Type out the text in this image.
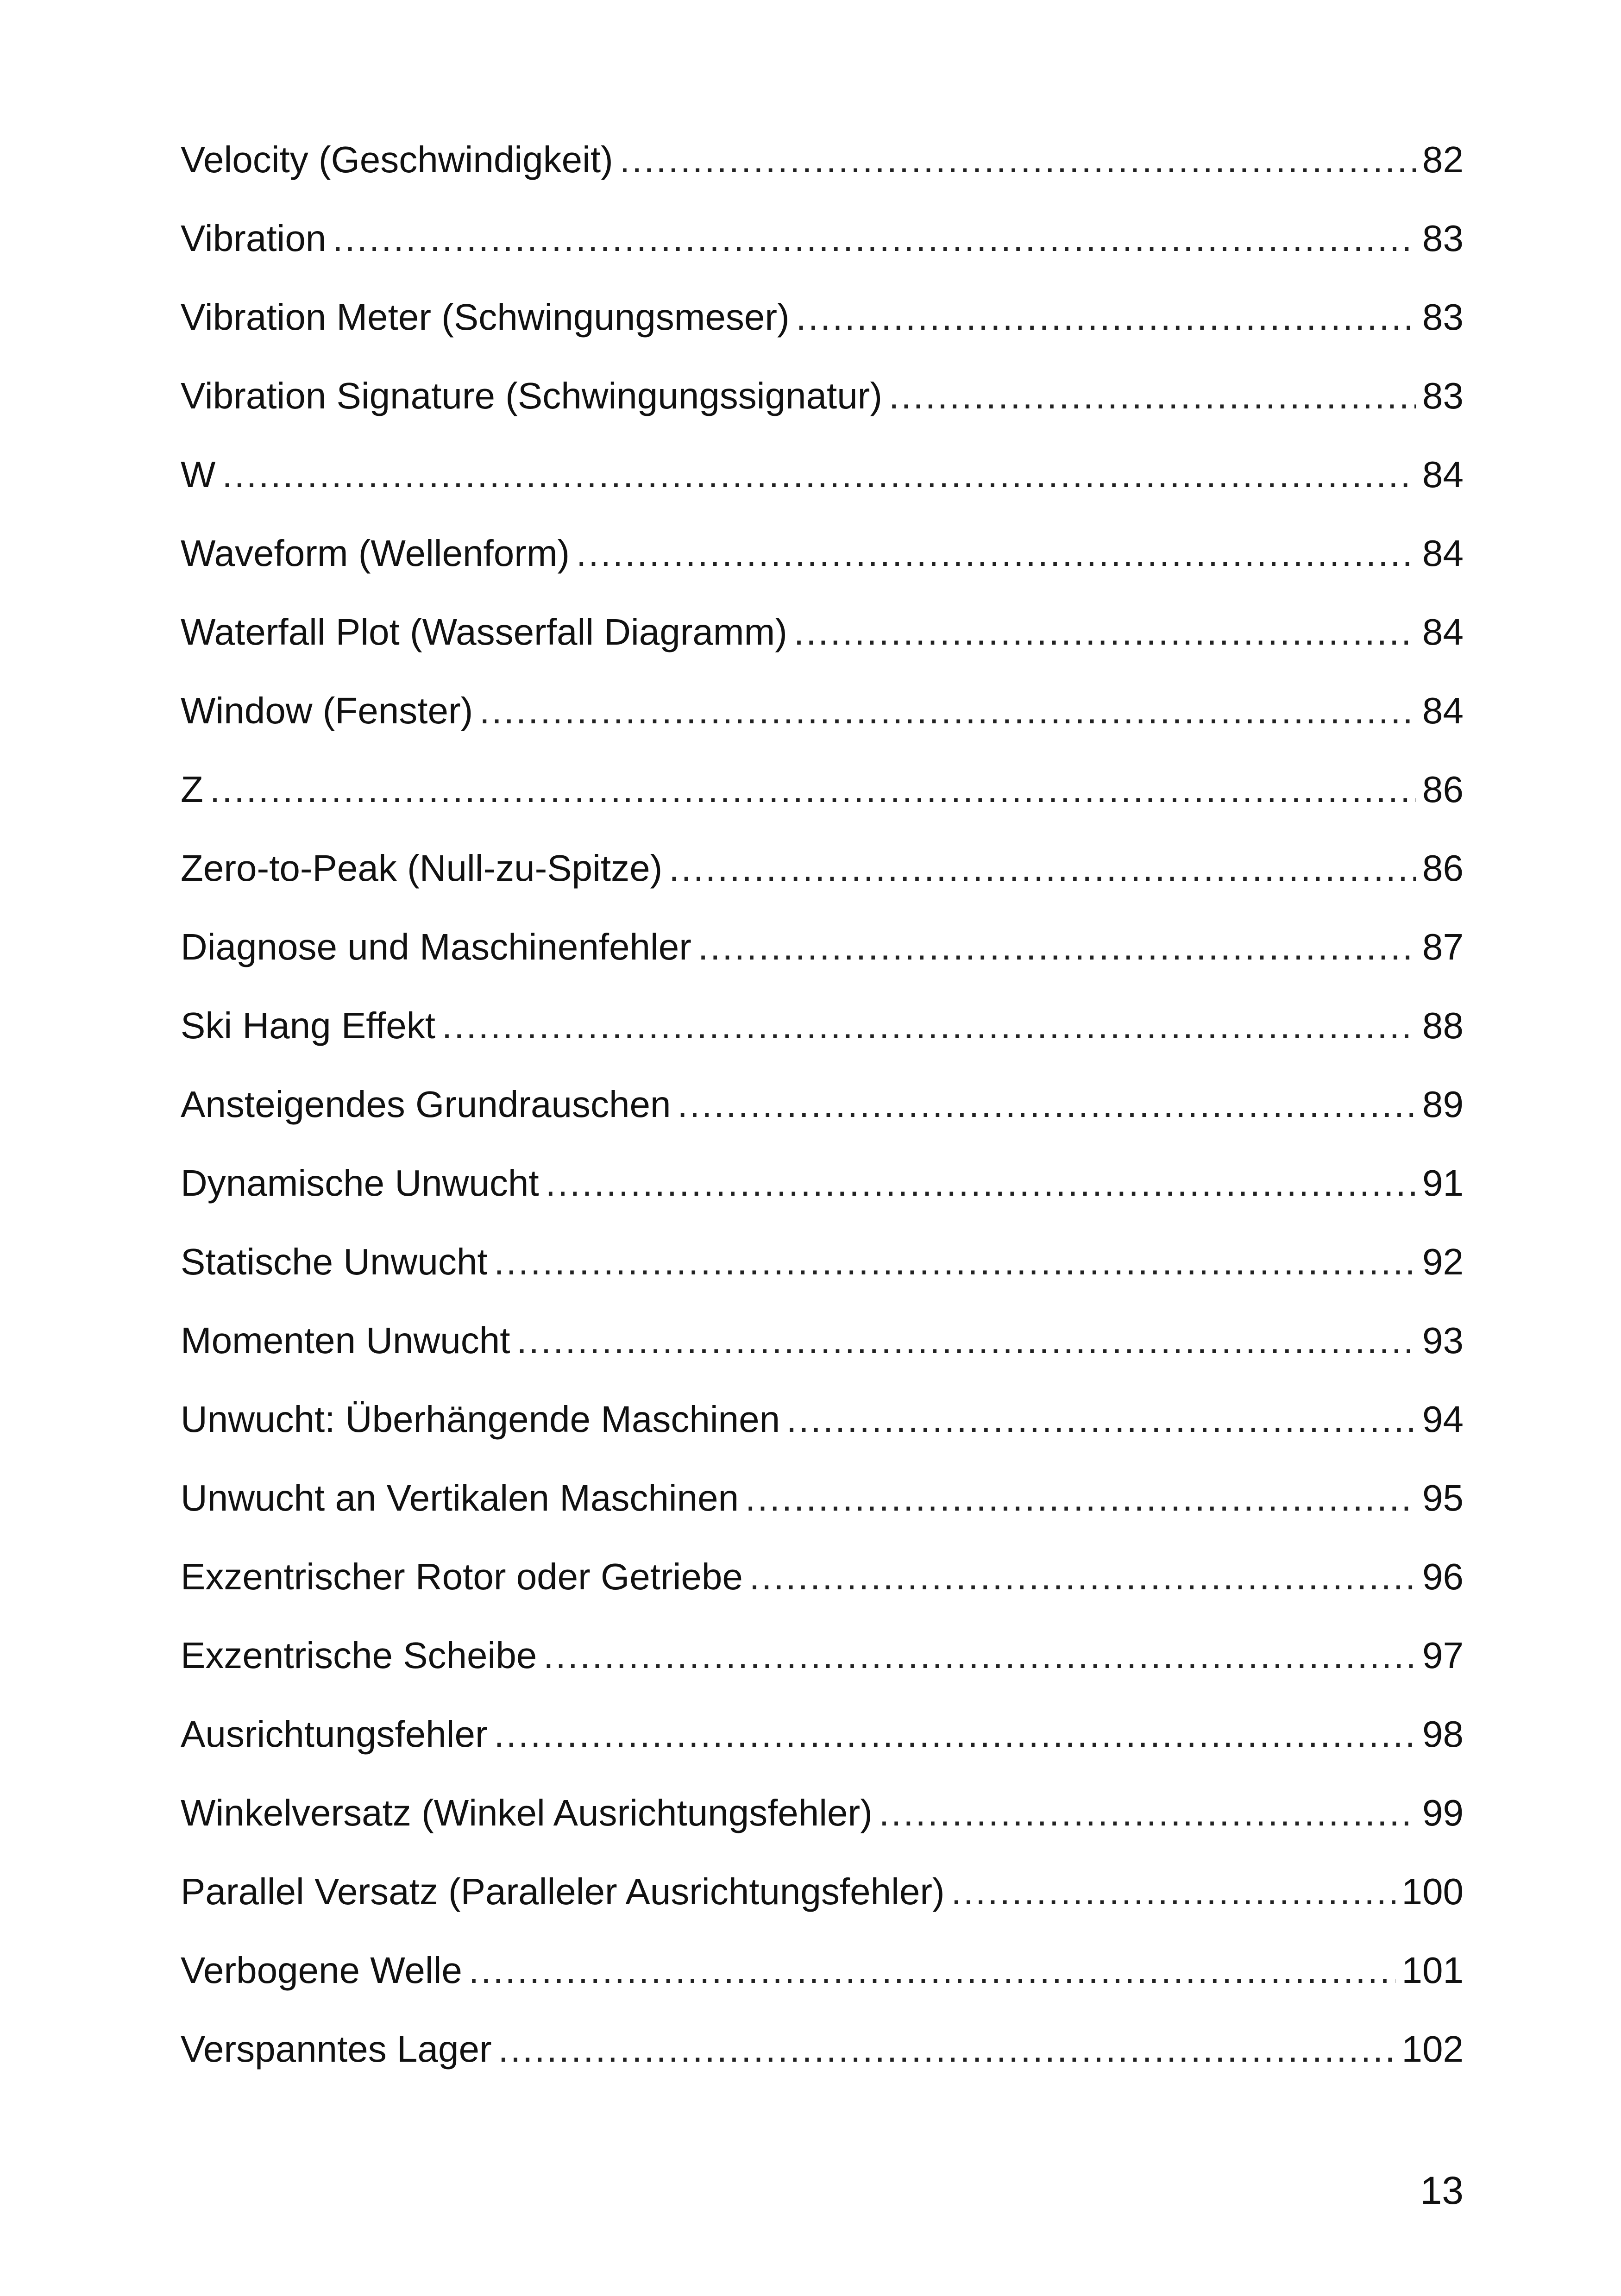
Velocity (Geschwindigkeit) .....	82
Vibration .....	83
Vibration Meter (Schwingungsmeser) .....	83
Vibration Signature (Schwingungssignatur) .....	83
W .....	84
Waveform (Wellenform) .....	84
Waterfall Plot (Wasserfall Diagramm) .....	84
Window (Fenster) .....	84
Z .....	86
Zero-to-Peak (Null-zu-Spitze) .....	86
Diagnose und Maschinenfehler .....	87
Ski Hang Effekt .....	88
Ansteigendes Grundrauschen .....	89
Dynamische Unwucht .....	91
Statische Unwucht .....	92
Momenten Unwucht .....	93
Unwucht: Überhängende Maschinen .....	94
Unwucht an Vertikalen Maschinen .....	95
Exzentrischer Rotor oder Getriebe .....	96
Exzentrische Scheibe .....	97
Ausrichtungsfehler .....	98
Winkelversatz (Winkel Ausrichtungsfehler) .....	99
Parallel Versatz (Paralleler Ausrichtungsfehler) .....	100
Verbogene Welle .....	101
Verspanntes Lager .....	102
13
